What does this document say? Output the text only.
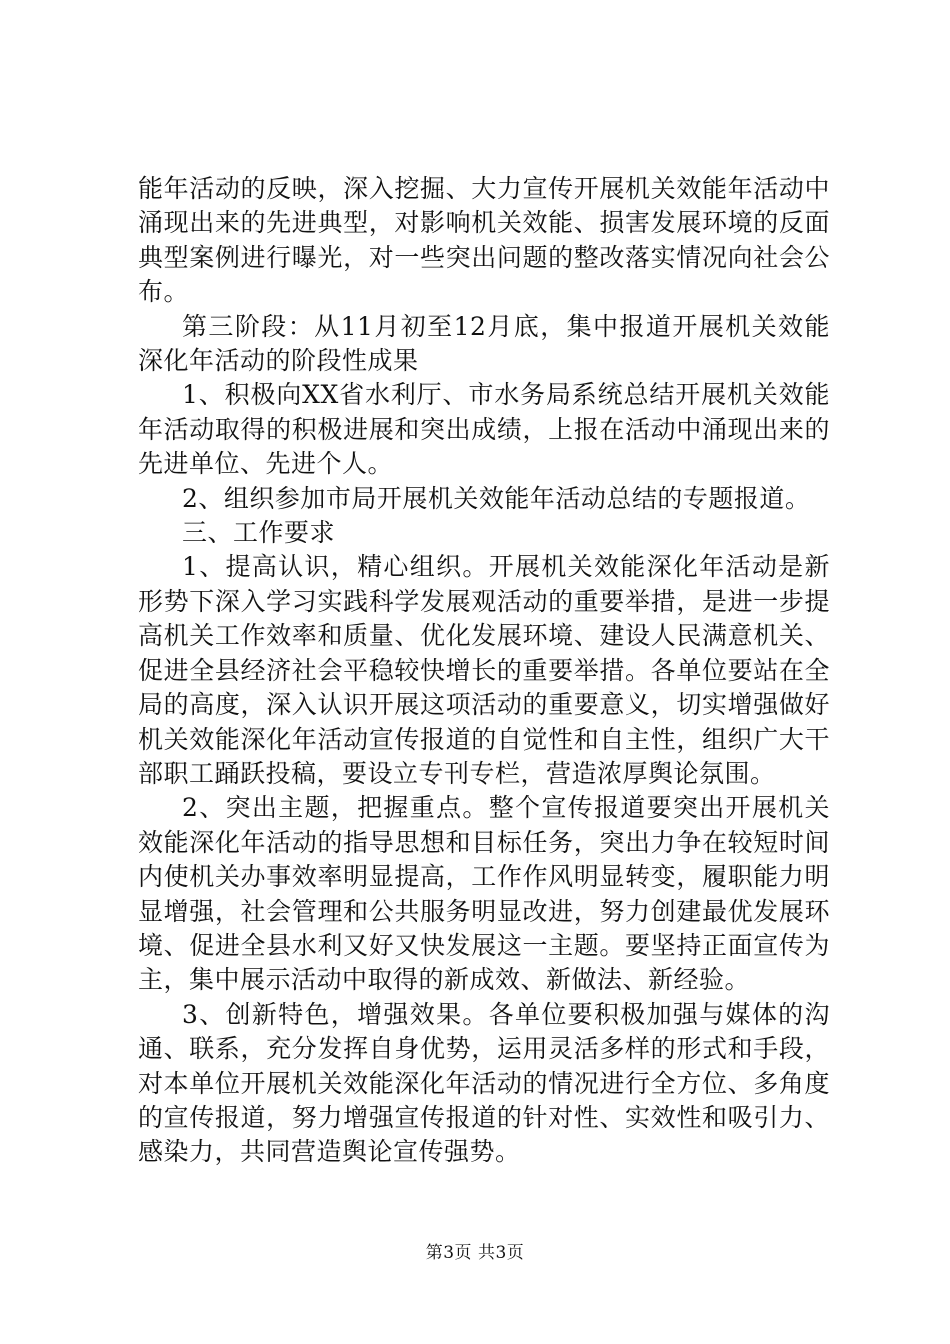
能年活动的反映，深入挖掘、大力宣传开展机关效能年活动中涌现出来的先进典型，对影响机关效能、损害发展环境的反面典型案例进行曝光，对一些突出问题的整改落实情况向社会公布。

第三阶段：从11月初至12月底，集中报道开展机关效能深化年活动的阶段性成果

1、积极向XX省水利厅、市水务局系统总结开展机关效能年活动取得的积极进展和突出成绩，上报在活动中涌现出来的先进单位、先进个人。

2、组织参加市局开展机关效能年活动总结的专题报道。

三、工作要求

1、提高认识，精心组织。开展机关效能深化年活动是新形势下深入学习实践科学发展观活动的重要举措，是进一步提高机关工作效率和质量、优化发展环境、建设人民满意机关、促进全县经济社会平稳较快增长的重要举措。各单位要站在全局的高度，深入认识开展这项活动的重要意义，切实增强做好机关效能深化年活动宣传报道的自觉性和自主性，组织广大干部职工踊跃投稿，要设立专刊专栏，营造浓厚舆论氛围。

2、突出主题，把握重点。整个宣传报道要突出开展机关效能深化年活动的指导思想和目标任务，突出力争在较短时间内使机关办事效率明显提高，工作作风明显转变，履职能力明显增强，社会管理和公共服务明显改进，努力创建最优发展环境、促进全县水利又好又快发展这一主题。要坚持正面宣传为主，集中展示活动中取得的新成效、新做法、新经验。

3、创新特色，增强效果。各单位要积极加强与媒体的沟通、联系，充分发挥自身优势，运用灵活多样的形式和手段，对本单位开展机关效能深化年活动的情况进行全方位、多角度的宣传报道，努力增强宣传报道的针对性、实效性和吸引力、感染力，共同营造舆论宣传强势。

第3页 共3页
